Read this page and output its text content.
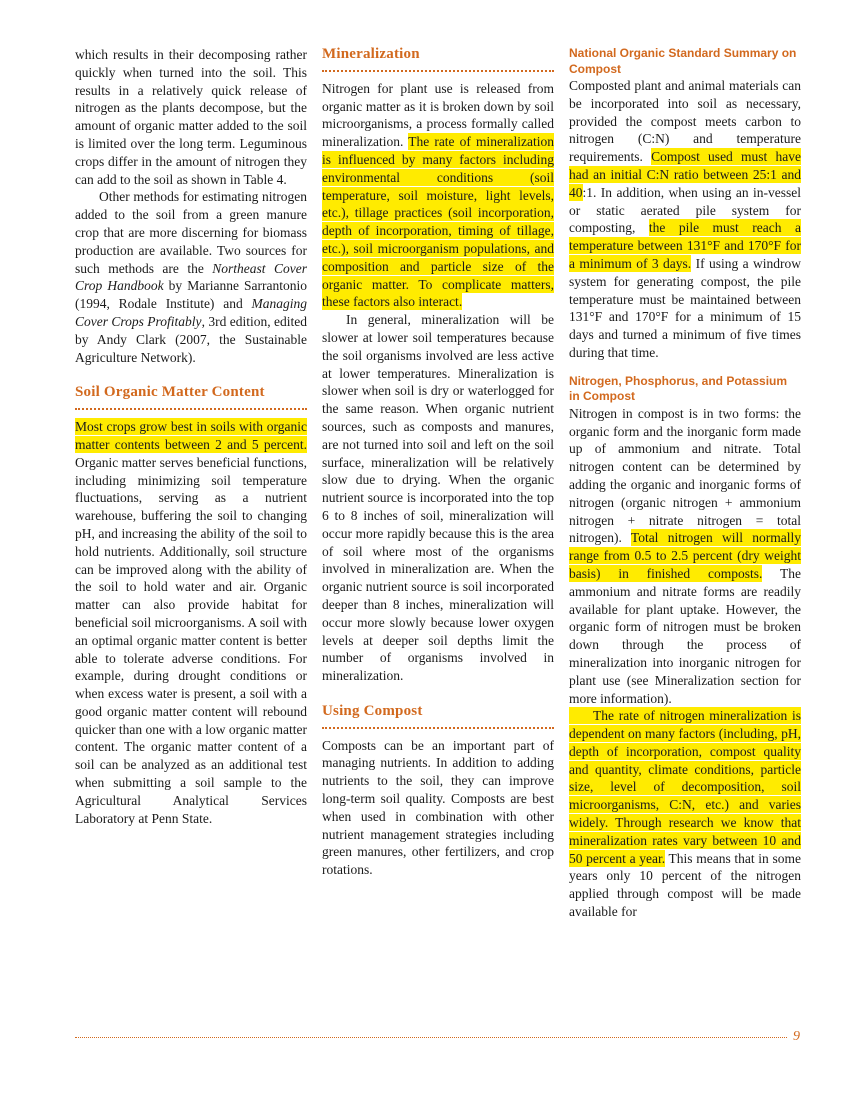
which results in their decomposing rather quickly when turned into the soil. This results in a relatively quick release of nitrogen as the plants decompose, but the amount of organic matter added to the soil is limited over the long term. Leguminous crops differ in the amount of nitrogen they can add to the soil as shown in Table 4.

Other methods for estimating nitrogen added to the soil from a green manure crop that are more discerning for biomass production are available. Two sources for such methods are the Northeast Cover Crop Handbook by Marianne Sarrantonio (1994, Rodale Institute) and Managing Cover Crops Profitably, 3rd edition, edited by Andy Clark (2007, the Sustainable Agriculture Network).

Soil Organic Matter Content

Most crops grow best in soils with organic matter contents between 2 and 5 percent. Organic matter serves beneficial functions, including minimizing soil temperature fluctuations, serving as a nutrient warehouse, buffering the soil to changing pH, and increasing the ability of the soil to hold nutrients. Additionally, soil structure can be improved along with the ability of the soil to hold water and air. Organic matter can also provide habitat for beneficial soil microorganisms. A soil with an optimal organic matter content is better able to tolerate adverse conditions. For example, during drought conditions or when excess water is present, a soil with a good organic matter content will rebound quicker than one with a low organic matter content. The organic matter content of a soil can be analyzed as an additional test when submitting a soil sample to the Agricultural Analytical Services Laboratory at Penn State.

Mineralization

Nitrogen for plant use is released from organic matter as it is broken down by soil microorganisms, a process formally called mineralization. The rate of mineralization is influenced by many factors including environmental conditions (soil temperature, soil moisture, light levels, etc.), tillage practices (soil incorporation, depth of incorporation, timing of tillage, etc.), soil microorganism populations, and composition and particle size of the organic matter. To complicate matters, these factors also interact.

In general, mineralization will be slower at lower soil temperatures because the soil organisms involved are less active at lower temperatures. Mineralization is slower when soil is dry or waterlogged for the same reason. When organic nutrient sources, such as composts and manures, are not turned into soil and left on the soil surface, mineralization will be relatively slow due to drying. When the organic nutrient source is incorporated into the top 6 to 8 inches of soil, mineralization will occur more rapidly because this is the area of soil where most of the organisms involved in mineralization are. When the organic nutrient source is soil incorporated deeper than 8 inches, mineralization will occur more slowly because lower oxygen levels at deeper soil depths limit the number of organisms involved in mineralization.

Using Compost

Composts can be an important part of managing nutrients. In addition to adding nutrients to the soil, they can improve long-term soil quality. Composts are best when used in combination with other nutrient management strategies including green manures, other fertilizers, and crop rotations.

National Organic Standard Summary on Compost

Composted plant and animal materials can be incorporated into soil as necessary, provided the compost meets carbon to nitrogen (C:N) and temperature requirements. Compost used must have had an initial C:N ratio between 25:1 and 40:1. In addition, when using an in-vessel or static aerated pile system for composting, the pile must reach a temperature between 131°F and 170°F for a minimum of 3 days. If using a windrow system for generating compost, the pile temperature must be maintained between 131°F and 170°F for a minimum of 15 days and turned a minimum of five times during that time.

Nitrogen, Phosphorus, and Potassium in Compost

Nitrogen in compost is in two forms: the organic form and the inorganic form made up of ammonium and nitrate. Total nitrogen content can be determined by adding the organic and inorganic forms of nitrogen (organic nitrogen + ammonium nitrogen + nitrate nitrogen = total nitrogen). Total nitrogen will normally range from 0.5 to 2.5 percent (dry weight basis) in finished composts. The ammonium and nitrate forms are readily available for plant uptake. However, the organic form of nitrogen must be broken down through the process of mineralization into inorganic nitrogen for plant use (see Mineralization section for more information).

The rate of nitrogen mineralization is dependent on many factors (including, pH, depth of incorporation, compost quality and quantity, climate conditions, particle size, level of decomposition, soil microorganisms, C:N, etc.) and varies widely. Through research we know that mineralization rates vary between 10 and 50 percent a year. This means that in some years only 10 percent of the nitrogen applied through compost will be made available for

9
